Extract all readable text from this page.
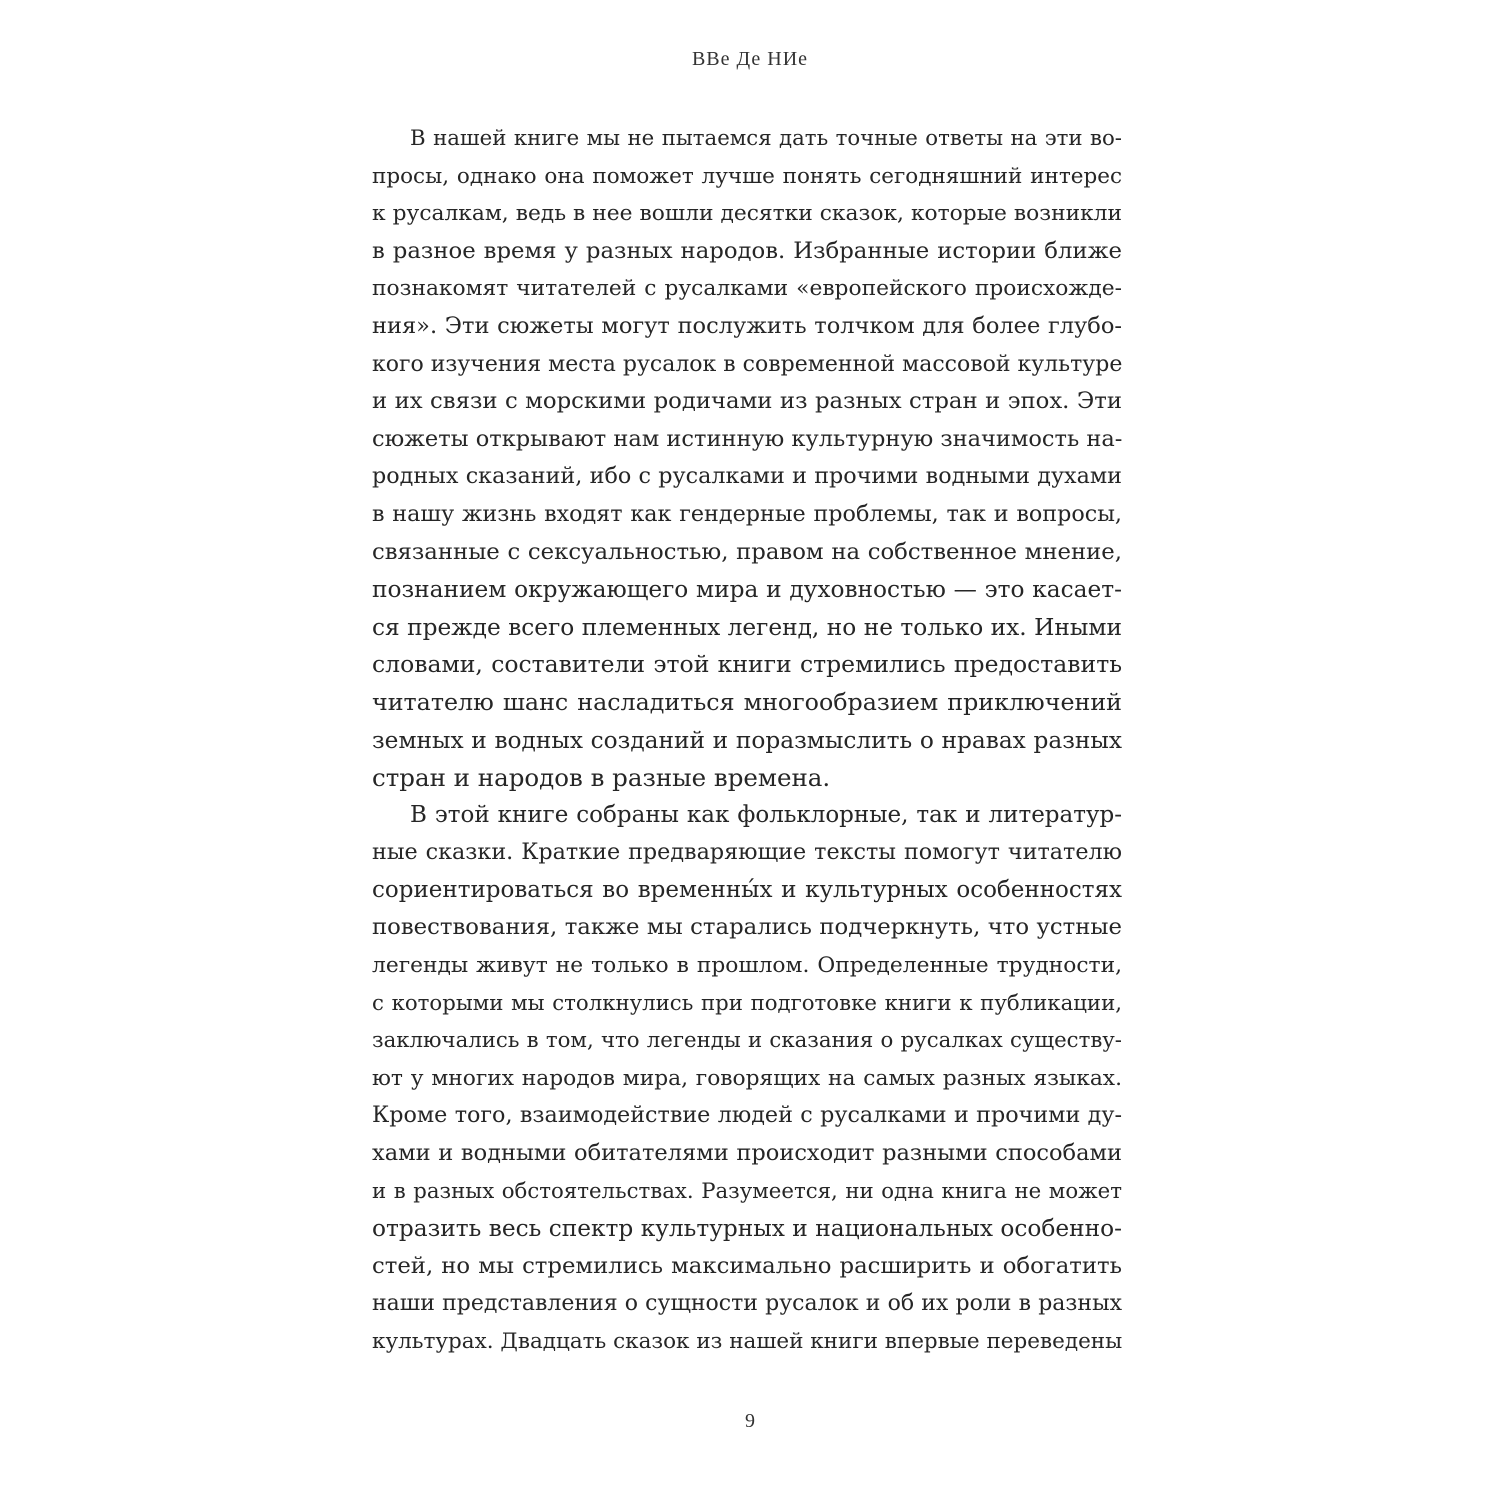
ВВе Де НИе
В нашей книге мы не пытаемся дать точные ответы на эти во-
просы, однако она поможет лучше понять сегодняшний интерес
к русалкам, ведь в нее вошли десятки сказок, которые возникли
в разное время у разных народов. Избранные истории ближе
познакомят читателей с русалками «европейского происхожде-
ния». Эти сюжеты могут послужить толчком для более глубо-
кого изучения места русалок в современной массовой культуре
и их связи с морскими родичами из разных стран и эпох. Эти
сюжеты открывают нам истинную культурную значимость на-
родных сказаний, ибо с русалками и прочими водными духами
в нашу жизнь входят как гендерные проблемы, так и вопросы,
связанные с сексуальностью, правом на собственное мнение,
познанием окружающего мира и духовностью — это касает-
ся прежде всего племенных легенд, но не только их. Иными
словами, составители этой книги стремились предоставить
читателю шанс насладиться многообразием приключений
земных и водных созданий и поразмыслить о нравах разных
стран и народов в разные времена.
В этой книге собраны как фольклорные, так и литератур-
ные сказки. Краткие предваряющие тексты помогут читателю
сориентироваться во временны́х и культурных особенностях
повествования, также мы старались подчеркнуть, что устные
легенды живут не только в прошлом. Определенные трудности,
с которыми мы столкнулись при подготовке книги к публикации,
заключались в том, что легенды и сказания о русалках существу-
ют у многих народов мира, говорящих на самых разных языках.
Кроме того, взаимодействие людей с русалками и прочими ду-
хами и водными обитателями происходит разными способами
и в разных обстоятельствах. Разумеется, ни одна книга не может
отразить весь спектр культурных и национальных особенно-
стей, но мы стремились максимально расширить и обогатить
наши представления о сущности русалок и об их роли в разных
культурах. Двадцать сказок из нашей книги впервые переведены
9
